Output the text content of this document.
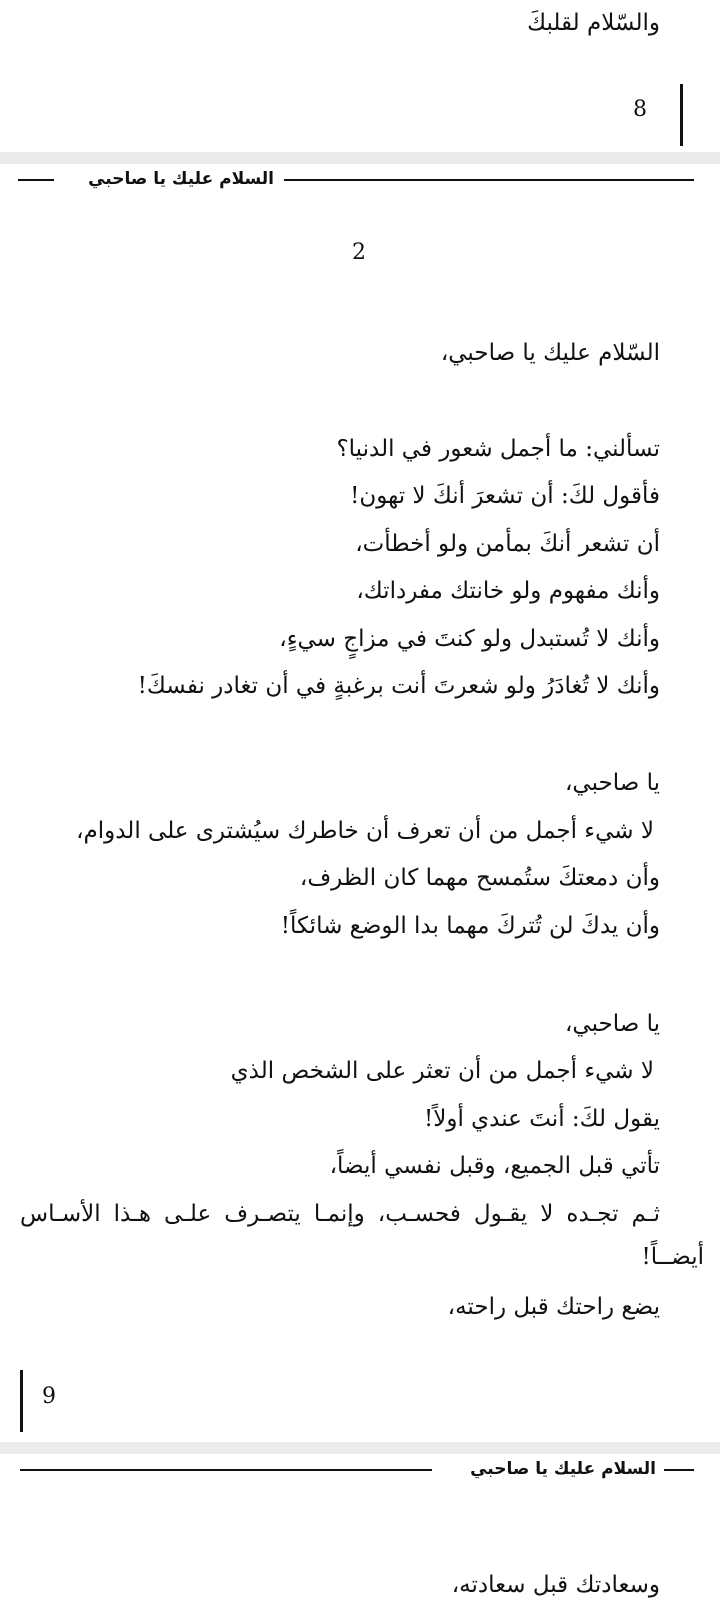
والسّلام لقلبكَ
8
السلام عليك يا صاحبي
2
السّلام عليك يا صاحبي،
تسألني: ما أجمل شعور في الدنيا؟
فأقول لكَ: أن تشعرَ أنكَ لا تهون!
أن تشعر أنكَ بمأمن ولو أخطأت،
وأنك مفهوم ولو خانتك مفرداتك،
وأنك لا تُستبدل ولو كنتَ في مزاجٍ سيءٍ،
وأنك لا تُغادَرُ ولو شعرتَ أنت برغبةٍ في أن تغادر نفسكَ!
يا صاحبي،
لا شيء أجمل من أن تعرف أن خاطرك سيُشترى على الدوام،
وأن دمعتكَ ستُمسح مهما كان الظرف،
وأن يدكَ لن تُتركَ مهما بدا الوضع شائكاً!
يا صاحبي،
لا شيء أجمل من أن تعثر على الشخص الذي
يقول لكَ: أنتَ عندي أولاً!
تأتي قبل الجميع، وقبل نفسي أيضاً،
ثـم تجـده لا يقـول فحسـب، وإنمـا يتصـرف علـى هـذا الأسـاس
أيضــاً!
يضع راحتك قبل راحته،
9
السلام عليك يا صاحبي
وسعادتك قبل سعادته،
